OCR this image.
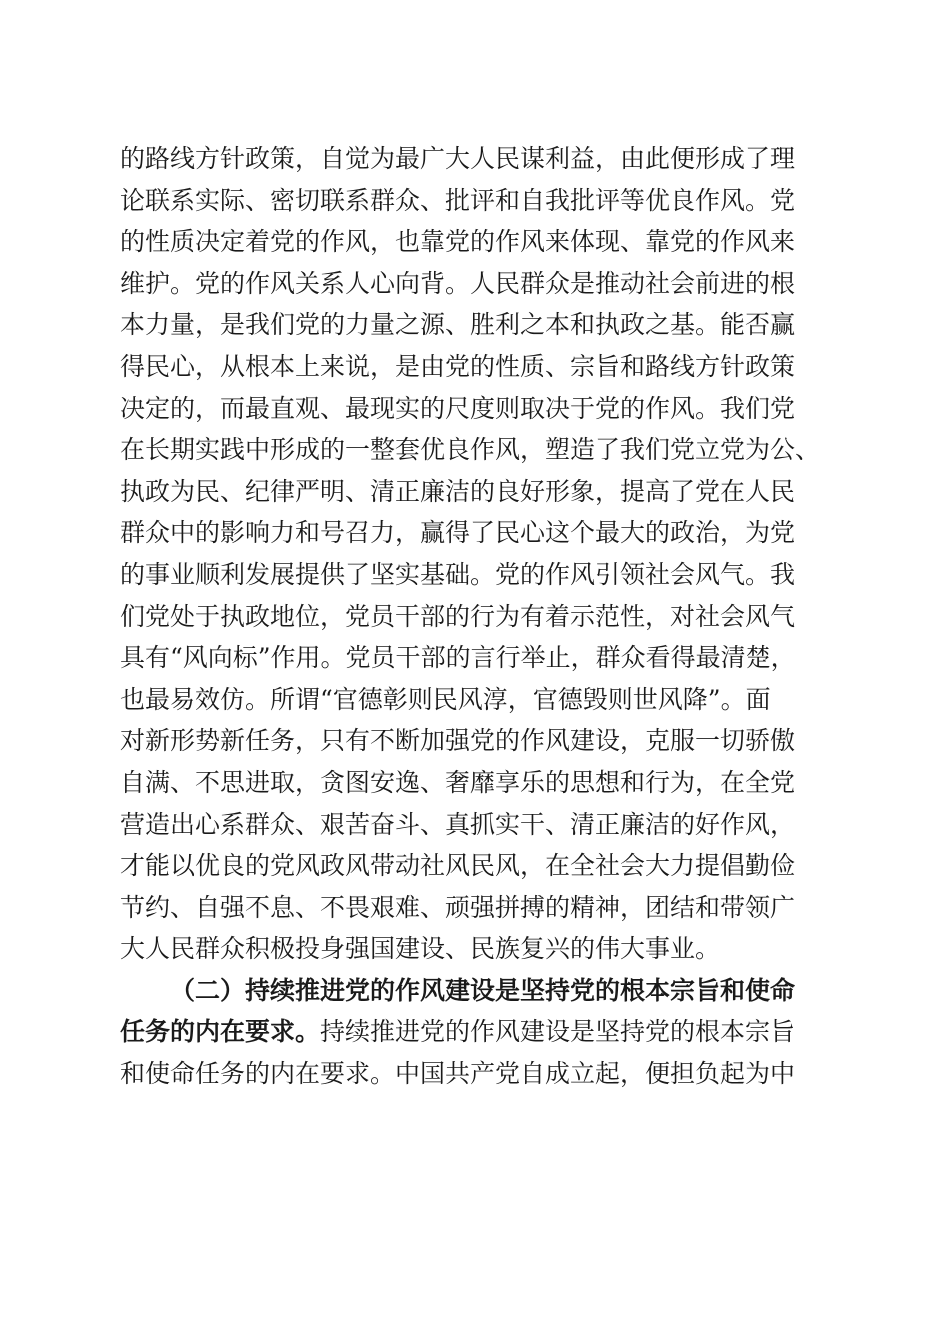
的路线方针政策，自觉为最广大人民谋利益，由此便形成了理
论联系实际、密切联系群众、批评和自我批评等优良作风。党
的性质决定着党的作风，也靠党的作风来体现、靠党的作风来
维护。党的作风关系人心向背。人民群众是推动社会前进的根
本力量，是我们党的力量之源、胜利之本和执政之基。能否赢
得民心，从根本上来说，是由党的性质、宗旨和路线方针政策
决定的，而最直观、最现实的尺度则取决于党的作风。我们党
在长期实践中形成的一整套优良作风，塑造了我们党立党为公、
执政为民、纪律严明、清正廉洁的良好形象，提高了党在人民
群众中的影响力和号召力，赢得了民心这个最大的政治，为党
的事业顺利发展提供了坚实基础。党的作风引领社会风气。我
们党处于执政地位，党员干部的行为有着示范性，对社会风气
具有“风向标”作用。党员干部的言行举止，群众看得最清楚，
也最易效仿。所谓“官德彰则民风淳，官德毁则世风降”。面
对新形势新任务，只有不断加强党的作风建设，克服一切骄傲
自满、不思进取，贪图安逸、奢靡享乐的思想和行为，在全党
营造出心系群众、艰苦奋斗、真抓实干、清正廉洁的好作风，
才能以优良的党风政风带动社风民风，在全社会大力提倡勤俭
节约、自强不息、不畏艰难、顽强拼搏的精神，团结和带领广
大人民群众积极投身强国建设、民族复兴的伟大事业。
（二）持续推进党的作风建设是坚持党的根本宗旨和使命
任务的内在要求。持续推进党的作风建设是坚持党的根本宗旨
和使命任务的内在要求。中国共产党自成立起，便担负起为中
